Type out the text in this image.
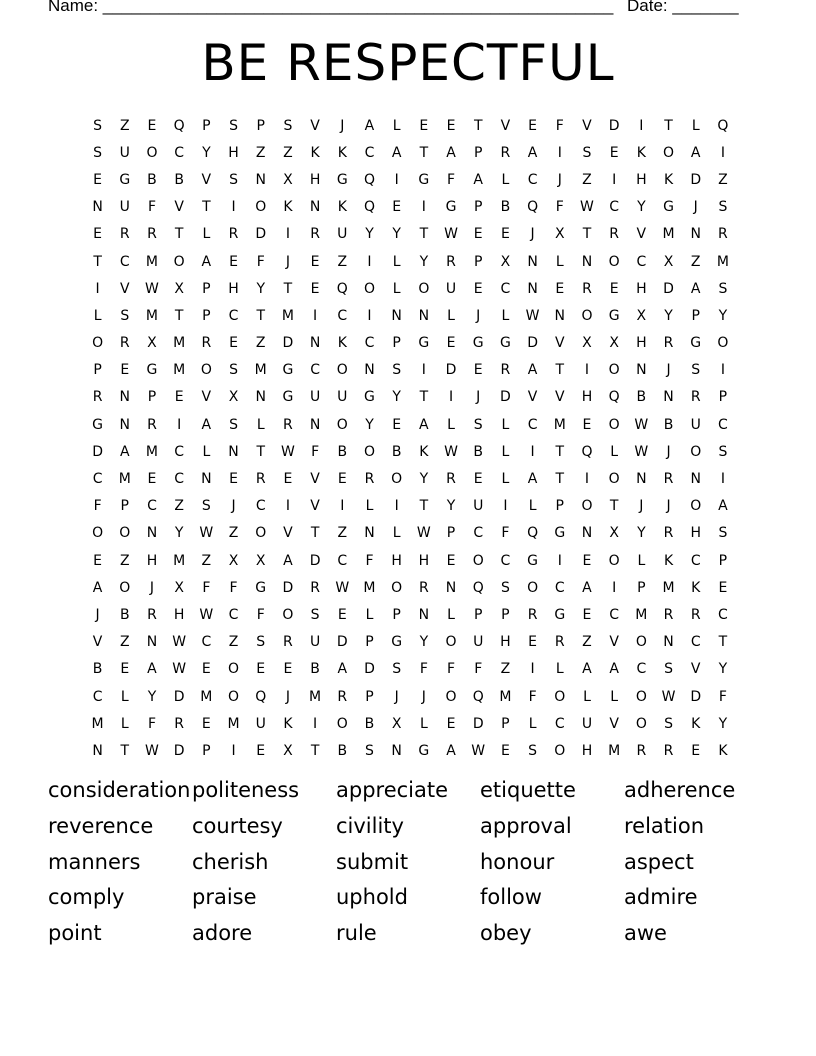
Name: ______________________________________________________ Date: _______
BE RESPECTFUL
S	Z	E	Q	P	S	P	S	V	J	A	L	E	E	T	V	E	F	V	D	I	T	L	Q
S	U	O	C	Y	H	Z	Z	K	K	C	A	T	A	P	R	A	I	S	E	K	O	A	I
E	G	B	B	V	S	N	X	H	G	Q	I	G	F	A	L	C	J	Z	I	H	K	D	Z
N	U	F	V	T	I	O	K	N	K	Q	E	I	G	P	B	Q	F	W	C	Y	G	J	S
E	R	R	T	L	R	D	I	R	U	Y	Y	T	W	E	E	J	X	T	R	V	M	N	R
T	C	M	O	A	E	F	J	E	Z	I	L	Y	R	P	X	N	L	N	O	C	X	Z	M
I	V	W	X	P	H	Y	T	E	Q	O	L	O	U	E	C	N	E	R	E	H	D	A	S
L	S	M	T	P	C	T	M	I	C	I	N	N	L	J	L	W	N	O	G	X	Y	P	Y
O	R	X	M	R	E	Z	D	N	K	C	P	G	E	G	G	D	V	X	X	H	R	G	O
P	E	G	M	O	S	M	G	C	O	N	S	I	D	E	R	A	T	I	O	N	J	S	I
R	N	P	E	V	X	N	G	U	U	G	Y	T	I	J	D	V	V	H	Q	B	N	R	P
G	N	R	I	A	S	L	R	N	O	Y	E	A	L	S	L	C	M	E	O	W	B	U	C
D	A	M	C	L	N	T	W	F	B	O	B	K	W	B	L	I	T	Q	L	W	J	O	S
C	M	E	C	N	E	R	E	V	E	R	O	Y	R	E	L	A	T	I	O	N	R	N	I
F	P	C	Z	S	J	C	I	V	I	L	I	T	Y	U	I	L	P	O	T	J	J	O	A
O	O	N	Y	W	Z	O	V	T	Z	N	L	W	P	C	F	Q	G	N	X	Y	R	H	S
E	Z	H	M	Z	X	X	A	D	C	F	H	H	E	O	C	G	I	E	O	L	K	C	P
A	O	J	X	F	F	G	D	R	W	M	O	R	N	Q	S	O	C	A	I	P	M	K	E
J	B	R	H	W	C	F	O	S	E	L	P	N	L	P	P	R	G	E	C	M	R	R	C
V	Z	N	W	C	Z	S	R	U	D	P	G	Y	O	U	H	E	R	Z	V	O	N	C	T
B	E	A	W	E	O	E	E	B	A	D	S	F	F	F	Z	I	L	A	A	C	S	V	Y
C	L	Y	D	M	O	Q	J	M	R	P	J	J	O	Q	M	F	O	L	L	O	W	D	F
M	L	F	R	E	M	U	K	I	O	B	X	L	E	D	P	L	C	U	V	O	S	K	Y
N	T	W	D	P	I	E	X	T	B	S	N	G	A	W	E	S	O	H	M	R	R	E	K
consideration politeness	appreciate	etiquette	adherence
reverence	courtesy	civility	approval	relation
manners	cherish	submit	honour	aspect
comply	praise	uphold	follow	admire
point	adore	rule	obey	awe
